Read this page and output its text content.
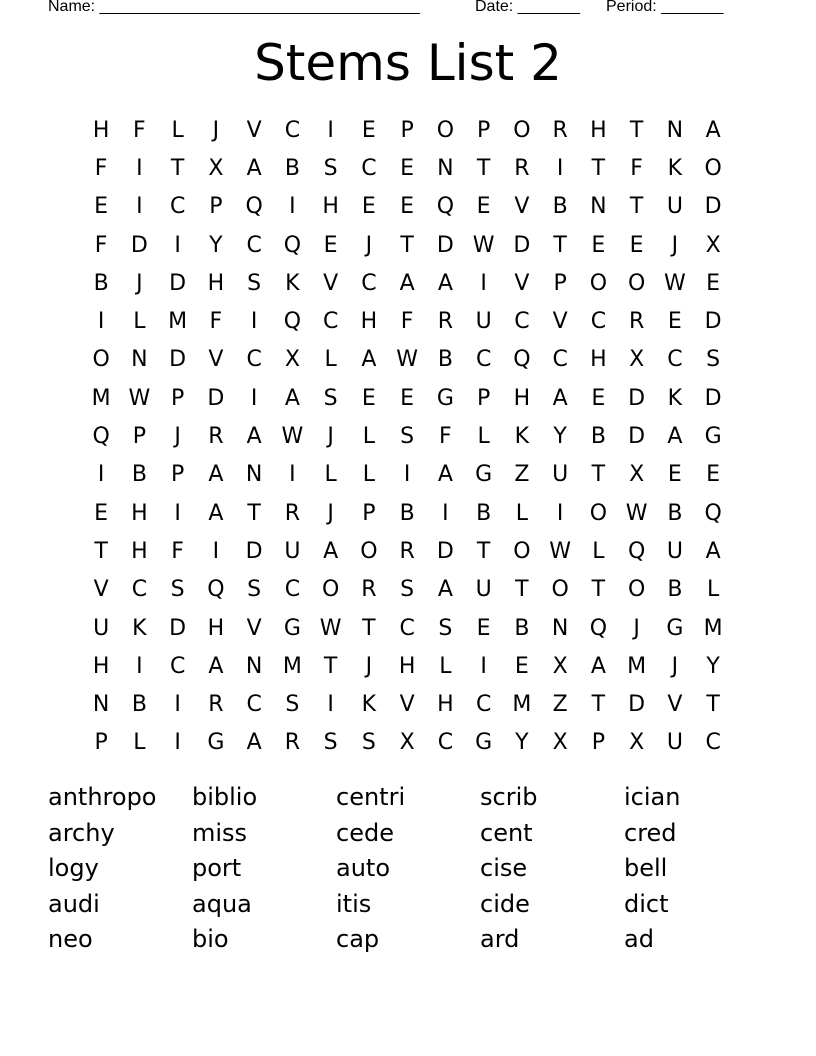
Name: ____________________________________

	Date: _______

Period: _______

Stems List 2
H	F	L	J	V	C	I	E	P	O	P	O R	H	T	N	A
F	I	T	X	A	B	S	C	E	N	T	R	I	T	F	K	O
E	I	C	P	Q	I	H	E	E	Q	E	V	B	N	T	U D
F	D	I	Y	C Q	E	J	T	D W D	T	E	E	J	X
B	J	D H	S	K	V	C	A	A	I	V	P	O O W E
I	L	M	F	I	Q C	H	F	R	U	C	V	C	R	E	D
O N D	V	C	X	L	A W B	C Q C	H	X	C	S
M W P	D	I	A	S	E	E	G	P	H	A	E	D	K	D
Q	P	J	R	A W	J	L	S	F	L	K	Y	B	D	A	G
I	B	P	A	N	I	L	L	I	A	G	Z	U	T	X	E	E
E	H	I	A	T	R	J	P	B	I	B	L	I	O W B	Q
T	H	F	I	D U	A	O R	D	T	O W L	Q U	A
V	C	S	Q	S	C O R	S	A	U	T	O	T	O	B	L
U	K	D H	V	G W T	C	S	E	B	N Q	J	G M
H	I	C	A	N M	T	J	H	L	I	E	X	A M	J	Y
N	B	I	R	C	S	I	K	V	H	C M Z	T	D	V	T
P	L	I	G	A	R	S	S	X	C	G	Y	X	P	X	U	C
anthropo	biblio	centri	scrib	ician
archy	miss	cede	cent	cred
logy	port	auto	cise	bell
audi	aqua	itis	cide	dict
neo	bio	cap	ard	ad
